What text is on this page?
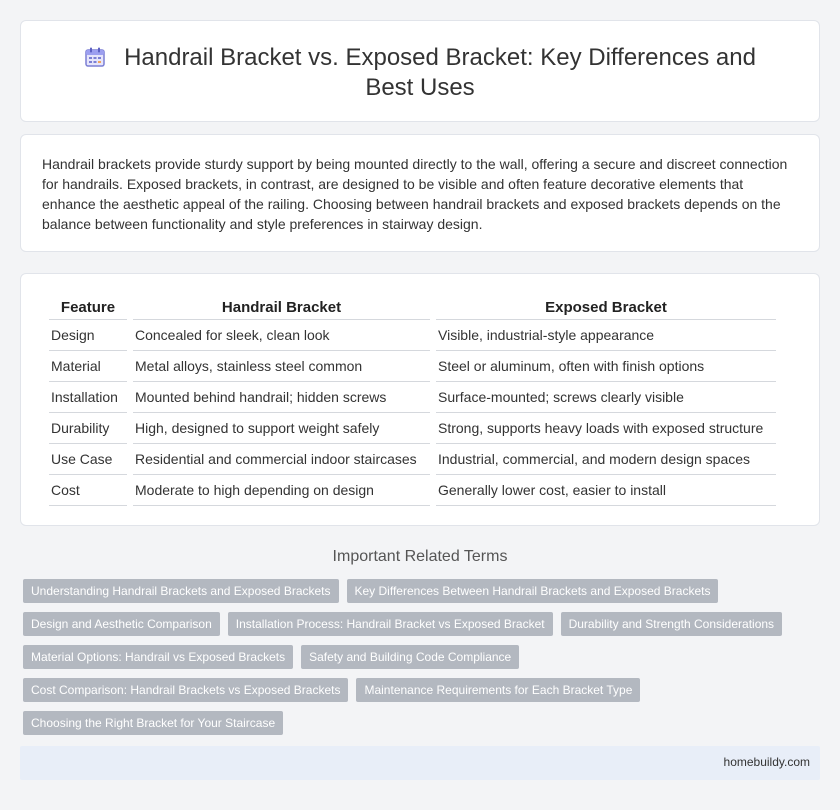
Handrail Bracket vs. Exposed Bracket: Key Differences and Best Uses

Handrail brackets provide sturdy support by being mounted directly to the wall, offering a secure and discreet connection for handrails. Exposed brackets, in contrast, are designed to be visible and often feature decorative elements that enhance the aesthetic appeal of the railing. Choosing between handrail brackets and exposed brackets depends on the balance between functionality and style preferences in stairway design.

Feature	Handrail Bracket	Exposed Bracket
Design	Concealed for sleek, clean look	Visible, industrial-style appearance
Material	Metal alloys, stainless steel common	Steel or aluminum, often with finish options
Installation	Mounted behind handrail; hidden screws	Surface-mounted; screws clearly visible
Durability	High, designed to support weight safely	Strong, supports heavy loads with exposed structure
Use Case	Residential and commercial indoor staircases	Industrial, commercial, and modern design spaces
Cost	Moderate to high depending on design	Generally lower cost, easier to install
Important Related Terms
Understanding Handrail Brackets and Exposed Brackets	Key Differences Between Handrail Brackets and Exposed Brackets
Design and Aesthetic Comparison	Installation Process: Handrail Bracket vs Exposed Bracket	Durability and Strength Considerations
Material Options: Handrail vs Exposed Brackets	Safety and Building Code Compliance
Cost Comparison: Handrail Brackets vs Exposed Brackets	Maintenance Requirements for Each Bracket Type
Choosing the Right Bracket for Your Staircase
homebuildy.com
